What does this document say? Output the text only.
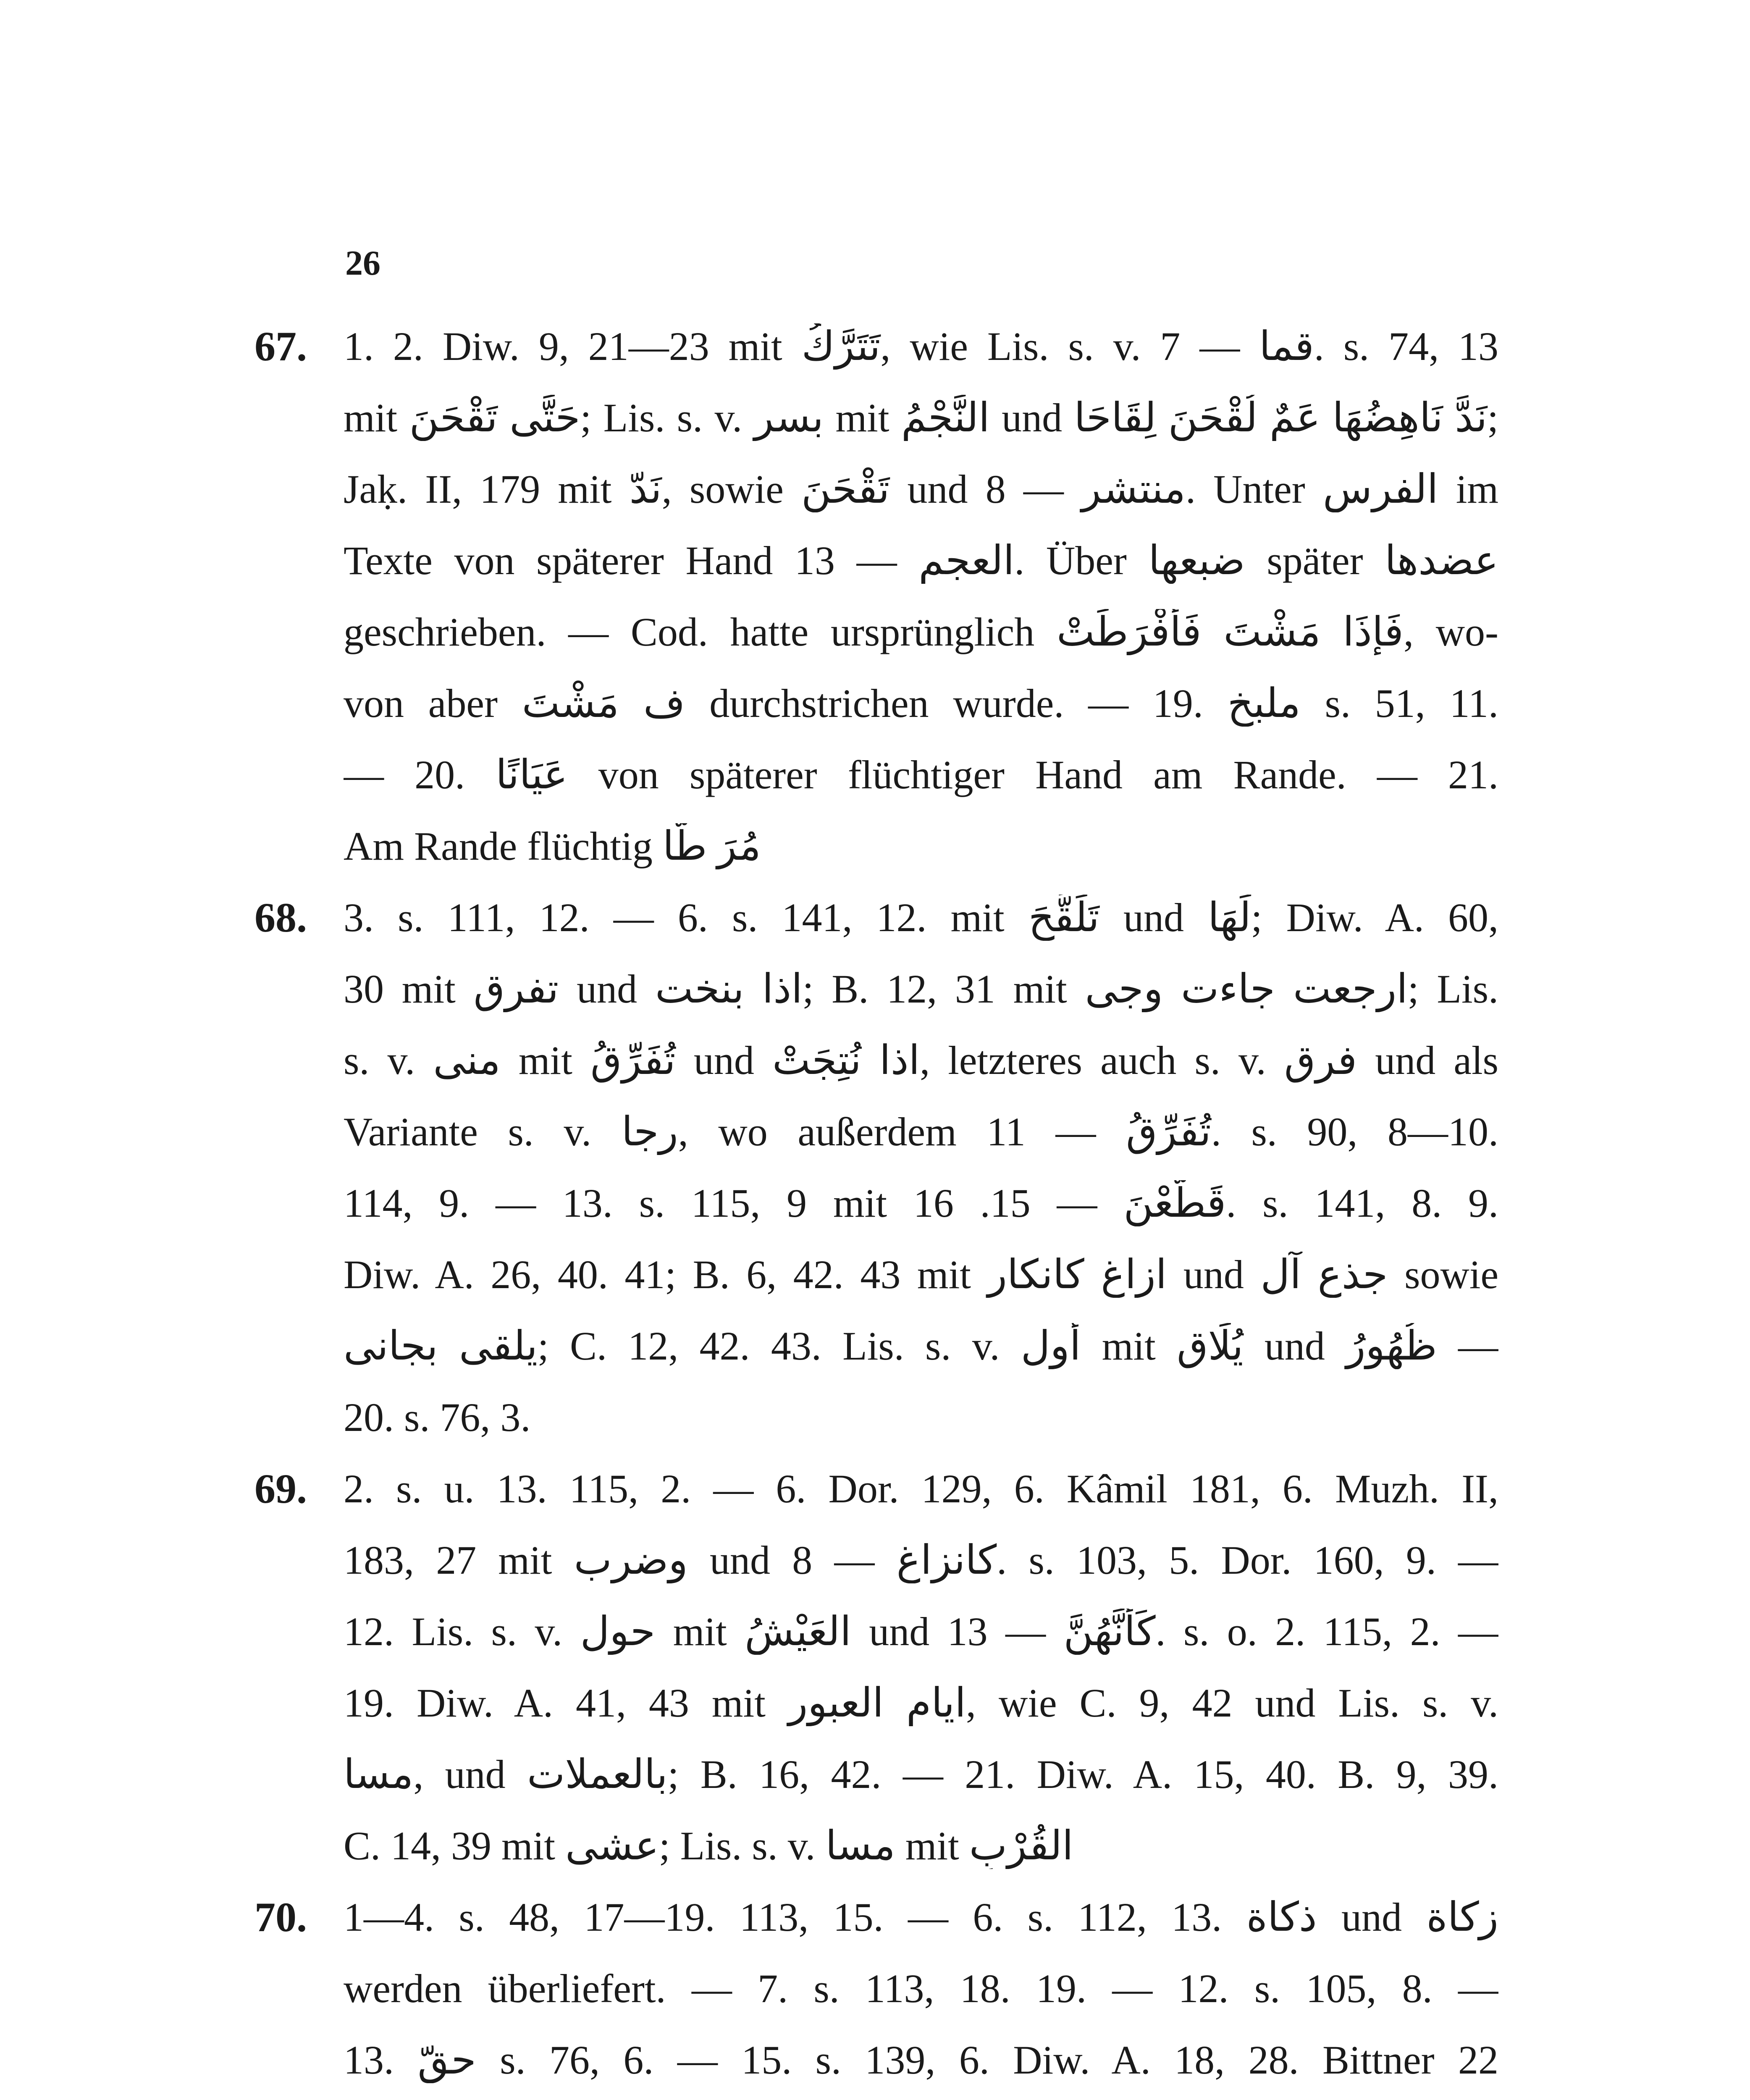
26
67. 1. 2. Diw. 9, 21—23 mit تَتَرَّكُ, wie Lis. s. v. قما — 7. s. 74, 13
mit حَتَّى تَقْحَنَ; Lis. s. v. بسر mit النَّجْمُ und نَدَّ نَاهِضُهَا عَمٌ لُقْحَنَ لِقَاحَا;
Jaḳ. II, 179 mit نَدّ, sowie تَقْحَنَ und منتشر — 8. Unter الفرس im
Texte von späterer Hand العجم — 13. Über ضبعها später عضدها
geschrieben. — Cod. hatte ursprünglich فَإِذَا مَشْتَ فَأَفْرَطَتْ, wo-
von aber ف مَشْتَ durchstrichen wurde. — 19. ملبخ s. 51, 11.
— 20. عَيَانًا von späterer flüchtiger Hand am Rande. — 21.
Am Rande flüchtig مُرَ طَّا
68. 3. s. 111, 12. — 6. s. 141, 12. mit تَلَقَّحَ und لَهَا; Diw. A. 60,
30 mit تفرق und اذا بنخت; B. 12, 31 mit ارجعت جاءت وجى; Lis.
s. v. منى mit تُفَرِّقُ und اذا نُتِجَتْ, letzteres auch s. v. فرق und als
Variante s. v. رجا, wo außerdem تُفَرِّقُ — 11. s. 90, 8—10.
114, 9. — 13. s. 115, 9 mit قَطَّعْنَ — 15. 16. s. 141, 8. 9.
Diw. A. 26, 40. 41; B. 6, 42. 43 mit ازاغ كانكار und جذع آل sowie
يلقى بجانى; C. 12, 42. 43. Lis. s. v. أول mit يُلَاقِ und ظُهُورُ —
20. s. 76, 3.
69. 2. s. u. 13. 115, 2. — 6. Dor. 129, 6. Kâmil 181, 6. Muzh. II,
183, 27 mit وضرب und كانزاغ — 8. s. 103, 5. Dor. 160, 9. —
12. Lis. s. v. حول mit العَيْشُ und كَأَنَّهُنَّ — 13. s. o. 2. 115, 2. —
19. Diw. A. 41, 43 mit ايام العبور, wie C. 9, 42 und Lis. s. v.
مسا, und بالعملات; B. 16, 42. — 21. Diw. A. 15, 40. B. 9, 39.
C. 14, 39 mit عشى; Lis. s. v. مسا mit القُرْبِ
70. 1—4. s. 48, 17—19. 113, 15. — 6. s. 112, 13. ذكاة und زكاة
werden überliefert. — 7. s. 113, 18. 19. — 12. s. 105, 8. —
13. حقّ s. 76, 6. — 15. s. 139, 6. Diw. A. 18, 28. Bittner 22
